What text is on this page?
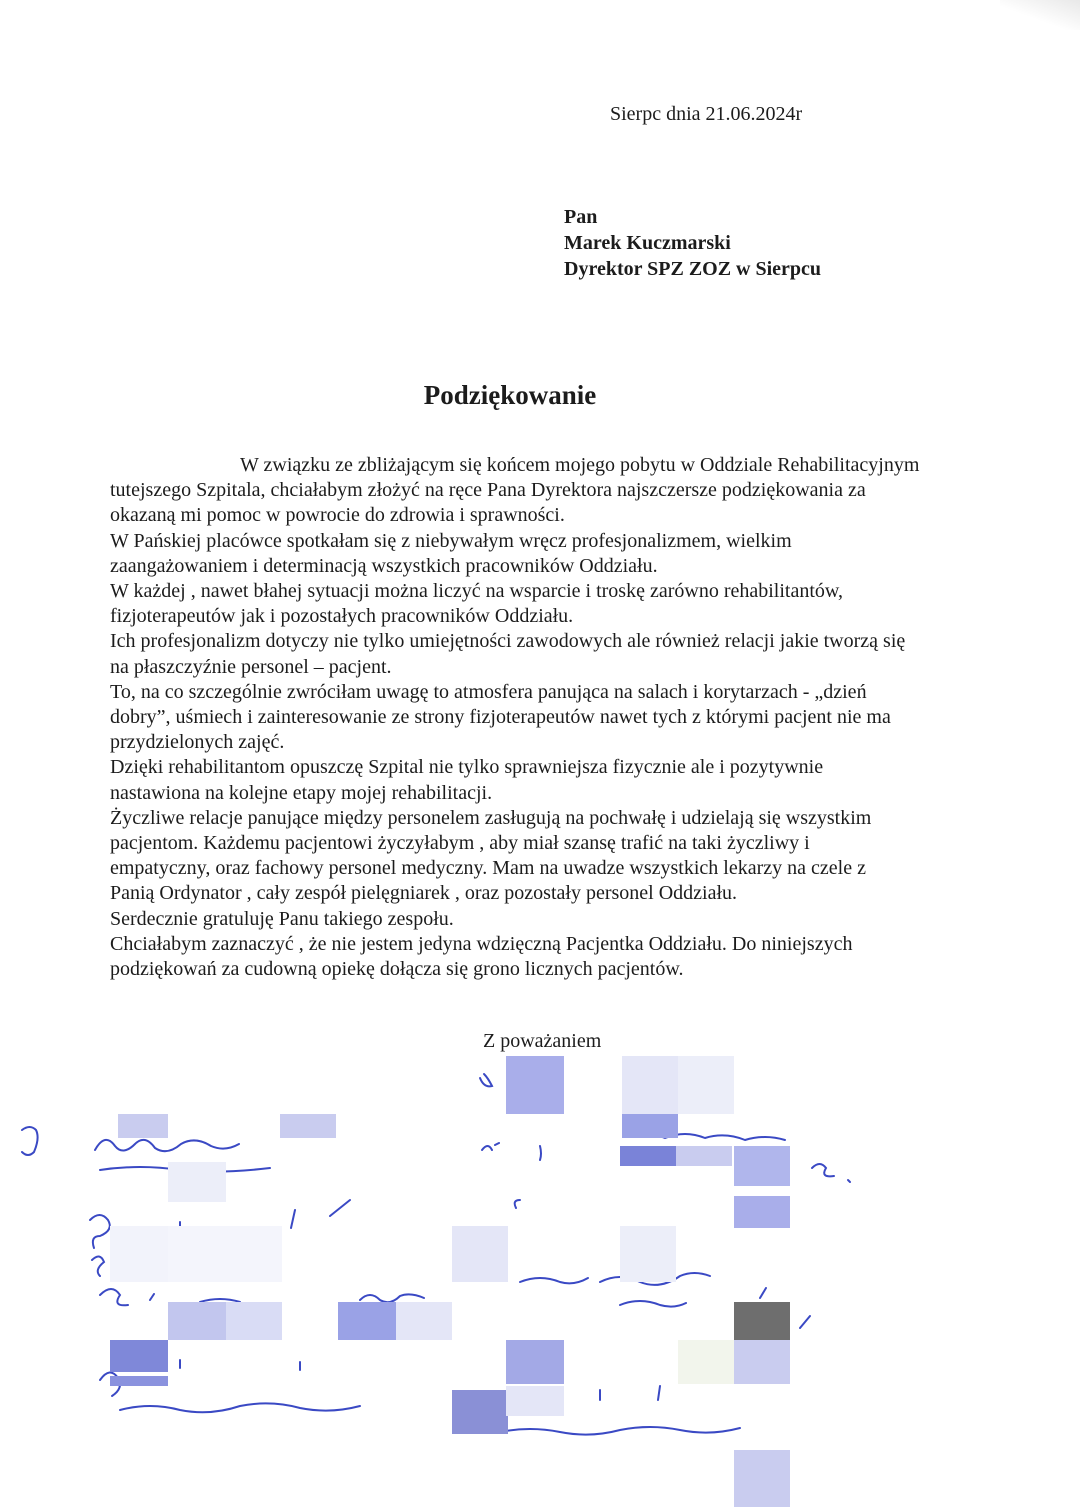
Sierpc dnia 21.06.2024r
Pan
Marek Kuczmarski
Dyrektor SPZ ZOZ w Sierpcu
Podziękowanie

W związku ze zbliżającym się końcem mojego pobytu w Oddziale Rehabilitacyjnym

tutejszego Szpitala, chciałabym złożyć na ręce Pana Dyrektora najszczersze podziękowania za

okazaną mi pomoc w powrocie do zdrowia i sprawności.

W Pańskiej placówce spotkałam się z niebywałym wręcz profesjonalizmem, wielkim

zaangażowaniem i determinacją wszystkich pracowników Oddziału.

W każdej , nawet błahej sytuacji można liczyć na wsparcie i troskę zarówno rehabilitantów,

fizjoterapeutów jak i pozostałych pracowników Oddziału.

Ich profesjonalizm dotyczy nie tylko umiejętności zawodowych ale również relacji jakie tworzą się

na płaszczyźnie personel – pacjent.

To, na co szczególnie zwróciłam uwagę to atmosfera panująca na salach i korytarzach - „dzień

dobry”, uśmiech i zainteresowanie ze strony fizjoterapeutów nawet tych z którymi pacjent nie ma

przydzielonych zajęć.

Dzięki rehabilitantom opuszczę Szpital nie tylko sprawniejsza fizycznie ale i pozytywnie

nastawiona na kolejne etapy mojej rehabilitacji.

Życzliwe relacje panujące między personelem zasługują na pochwałę i udzielają się wszystkim

pacjentom. Każdemu pacjentowi życzyłabym , aby miał szansę trafić na taki życzliwy i

empatyczny, oraz fachowy personel medyczny. Mam na uwadze wszystkich lekarzy na czele z

Panią Ordynator , cały zespół pielęgniarek , oraz pozostały personel Oddziału.

Serdecznie gratuluję Panu takiego zespołu.

Chciałabym zaznaczyć , że nie jestem jedyna wdzięczną Pacjentka Oddziału. Do niniejszych

podziękowań za cudowną opiekę dołącza się grono licznych pacjentów.

Z poważaniem
